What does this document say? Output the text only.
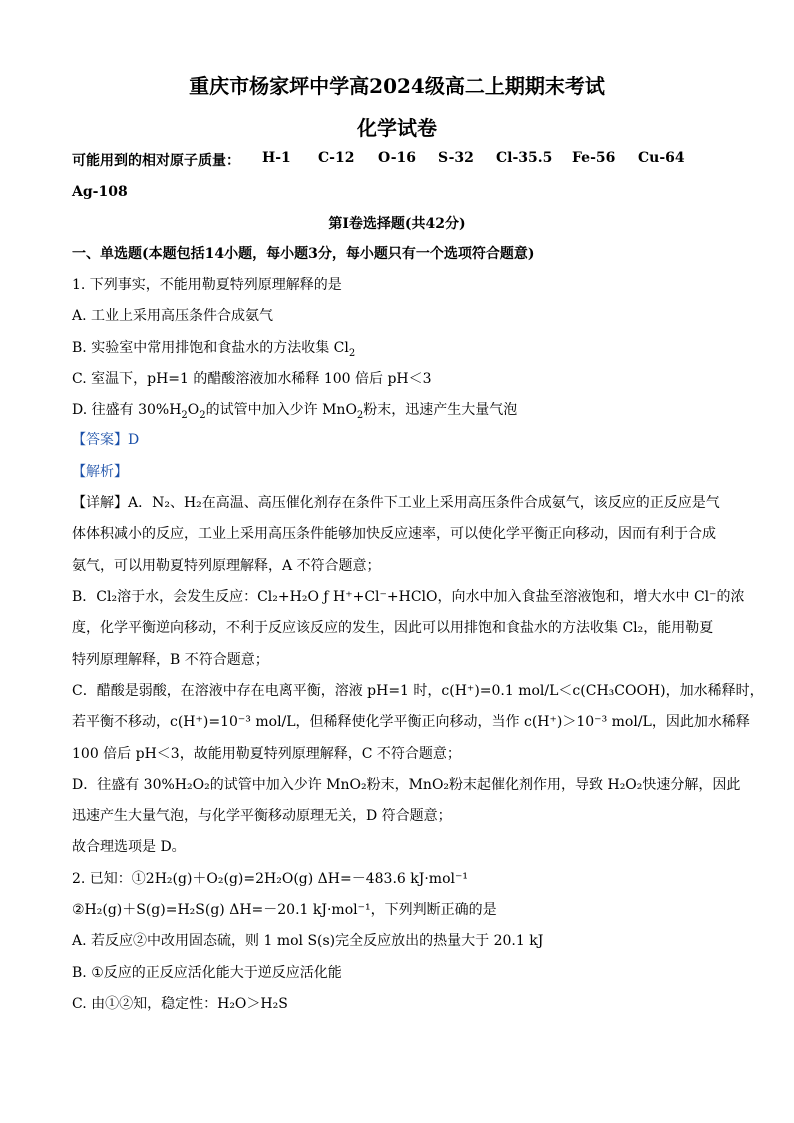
重庆市杨家坪中学高2024级高二上期期末考试
化学试卷
可能用到的相对原子质量： H-1 C-12 O-16 S-32 Cl-35.5 Fe-56 Cu-64
Ag-108
第I卷选择题(共42分)
一、单选题(本题包括14小题，每小题3分，每小题只有一个选项符合题意)
1. 下列事实，不能用勒夏特列原理解释的是
A. 工业上采用高压条件合成氨气
B. 实验室中常用排饱和食盐水的方法收集 $Cl_2$
C. 室温下，pH=1 的醋酸溶液加水稀释 100 倍后 pH＜3
D. 往盛有 $30\%H_2O_2$的试管中加入少许 MnO$_2$粉末，迅速产生大量气泡
【答案】D
【解析】
【详解】A．N₂、H₂在高温、高压催化剂存在条件下工业上采用高压条件合成氨气，该反应的正反应是气
体体积减小的反应，工业上采用高压条件能够加快反应速率，可以使化学平衡正向移动，因而有利于合成
氨气，可以用勒夏特列原理解释，A 不符合题意；
B．Cl₂溶于水，会发生反应：Cl₂+H₂O ƒ H⁺+Cl⁻+HClO，向水中加入食盐至溶液饱和，增大水中 Cl⁻的浓
度，化学平衡逆向移动，不利于反应该反应的发生，因此可以用排饱和食盐水的方法收集 Cl₂，能用勒夏
特列原理解释，B 不符合题意；
C．醋酸是弱酸，在溶液中存在电离平衡，溶液 pH=1 时，c(H⁺)=0.1 mol/L＜c(CH₃COOH)，加水稀释时，
若平衡不移动，c(H⁺)=10⁻³ mol/L，但稀释使化学平衡正向移动，当作 c(H⁺)＞10⁻³ mol/L，因此加水稀释
100 倍后 pH＜3，故能用勒夏特列原理解释，C 不符合题意；
D．往盛有 30%H₂O₂的试管中加入少许 MnO₂粉末，MnO₂粉末起催化剂作用，导致 H₂O₂快速分解，因此
迅速产生大量气泡，与化学平衡移动原理无关，D 符合题意；
故合理选项是 D。
2. 已知：①2H₂(g)＋O₂(g)=2H₂O(g) ΔH=－483.6 kJ·mol⁻¹
②H₂(g)＋S(g)=H₂S(g) ΔH=－20.1 kJ·mol⁻¹，下列判断正确的是
A. 若反应②中改用固态硫，则 1 mol S(s)完全反应放出的热量大于 20.1 kJ
B. ①反应的正反应活化能大于逆反应活化能
C. 由①②知，稳定性：H₂O＞H₂S
